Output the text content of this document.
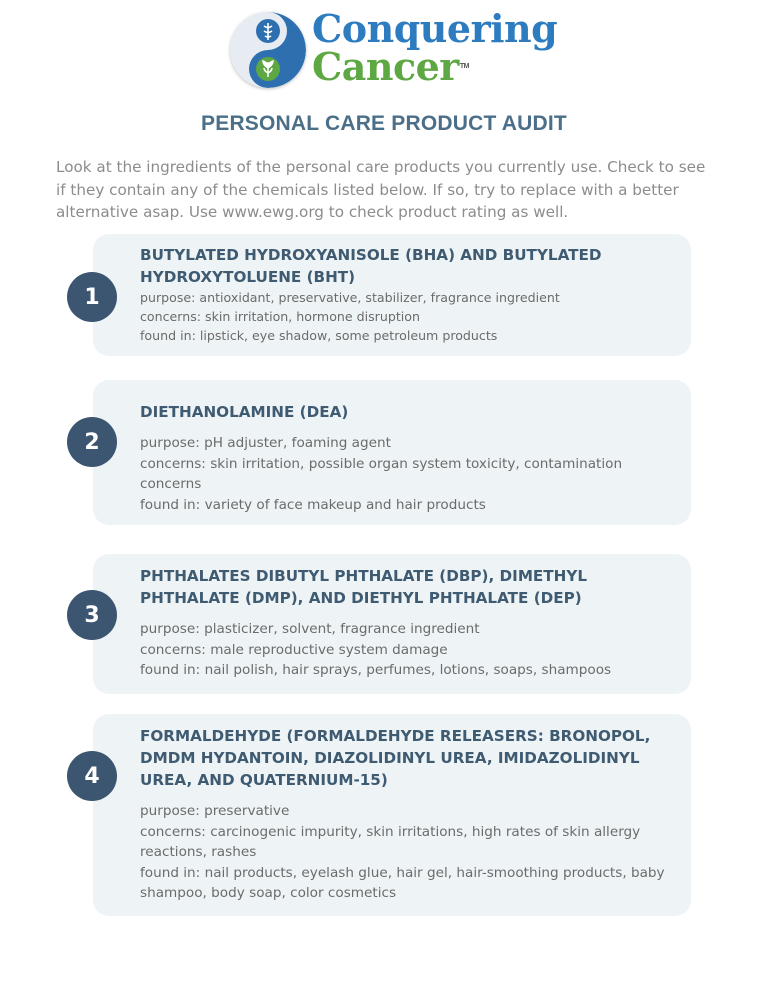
Conquering
CancerTM
PERSONAL CARE PRODUCT AUDIT
Look at the ingredients of the personal care products you currently use. Check to see if they contain any of the chemicals listed below. If so, try to replace with a better alternative asap. Use www.ewg.org to check product rating as well.
1
BUTYLATED HYDROXYANISOLE (BHA) AND BUTYLATED HYDROXYTOLUENE (BHT)
purpose: antioxidant, preservative, stabilizer, fragrance ingredient
concerns: skin irritation, hormone disruption
found in: lipstick, eye shadow, some petroleum products
2
DIETHANOLAMINE (DEA)
purpose: pH adjuster, foaming agent
concerns: skin irritation, possible organ system toxicity, contamination concerns
found in: variety of face makeup and hair products
3
PHTHALATES DIBUTYL PHTHALATE (DBP), DIMETHYL PHTHALATE (DMP), AND DIETHYL PHTHALATE (DEP)
purpose: plasticizer, solvent, fragrance ingredient
concerns: male reproductive system damage
found in: nail polish, hair sprays, perfumes, lotions, soaps, shampoos
4
FORMALDEHYDE (FORMALDEHYDE RELEASERS: BRONOPOL, DMDM HYDANTOIN, DIAZOLIDINYL UREA, IMIDAZOLIDINYL UREA, AND QUATERNIUM-15)
purpose: preservative
concerns: carcinogenic impurity, skin irritations, high rates of skin allergy reactions, rashes
found in: nail products, eyelash glue, hair gel, hair-smoothing products, baby shampoo, body soap, color cosmetics
